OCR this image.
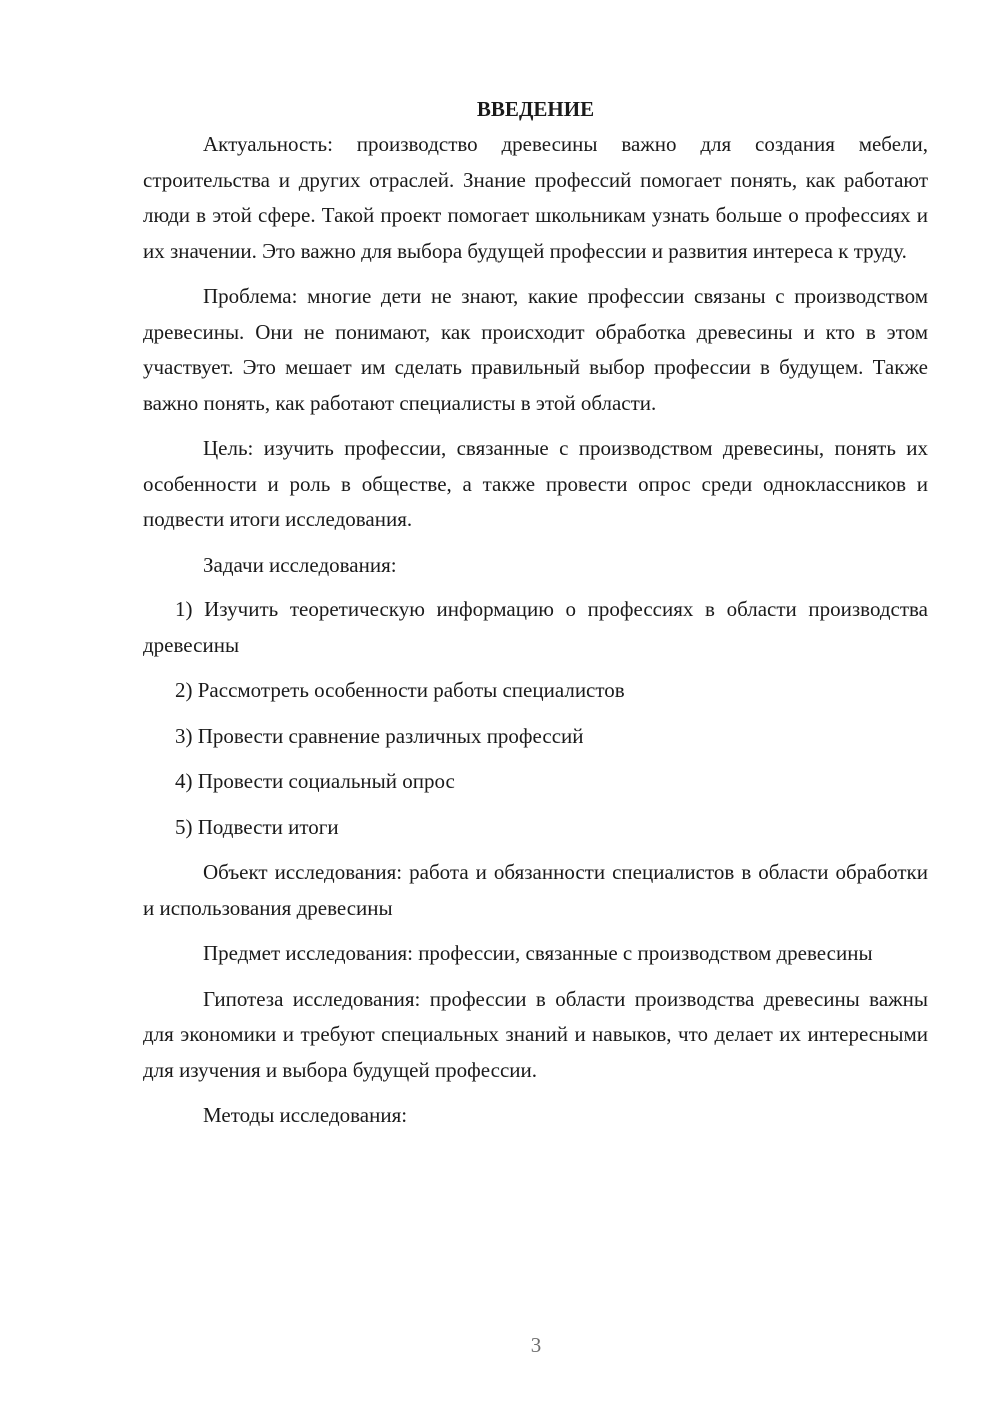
ВВЕДЕНИЕ

Актуальность: производство древесины важно для создания мебели, строительства и других отраслей. Знание профессий помогает понять, как работают люди в этой сфере. Такой проект помогает школьникам узнать больше о профессиях и их значении. Это важно для выбора будущей профессии и развития интереса к труду.

Проблема: многие дети не знают, какие профессии связаны с производством древесины. Они не понимают, как происходит обработка древесины и кто в этом участвует. Это мешает им сделать правильный выбор профессии в будущем. Также важно понять, как работают специалисты в этой области.

Цель: изучить профессии, связанные с производством древесины, понять их особенности и роль в обществе, а также провести опрос среди одноклассников и подвести итоги исследования.

Задачи исследования:

1) Изучить теоретическую информацию о профессиях в области производства древесины

2) Рассмотреть особенности работы специалистов

3) Провести сравнение различных профессий

4) Провести социальный опрос

5) Подвести итоги

Объект исследования: работа и обязанности специалистов в области обработки и использования древесины

Предмет исследования: профессии, связанные с производством древесины

Гипотеза исследования: профессии в области производства древесины важны для экономики и требуют специальных знаний и навыков, что делает их интересными для изучения и выбора будущей профессии.

Методы исследования:

3
